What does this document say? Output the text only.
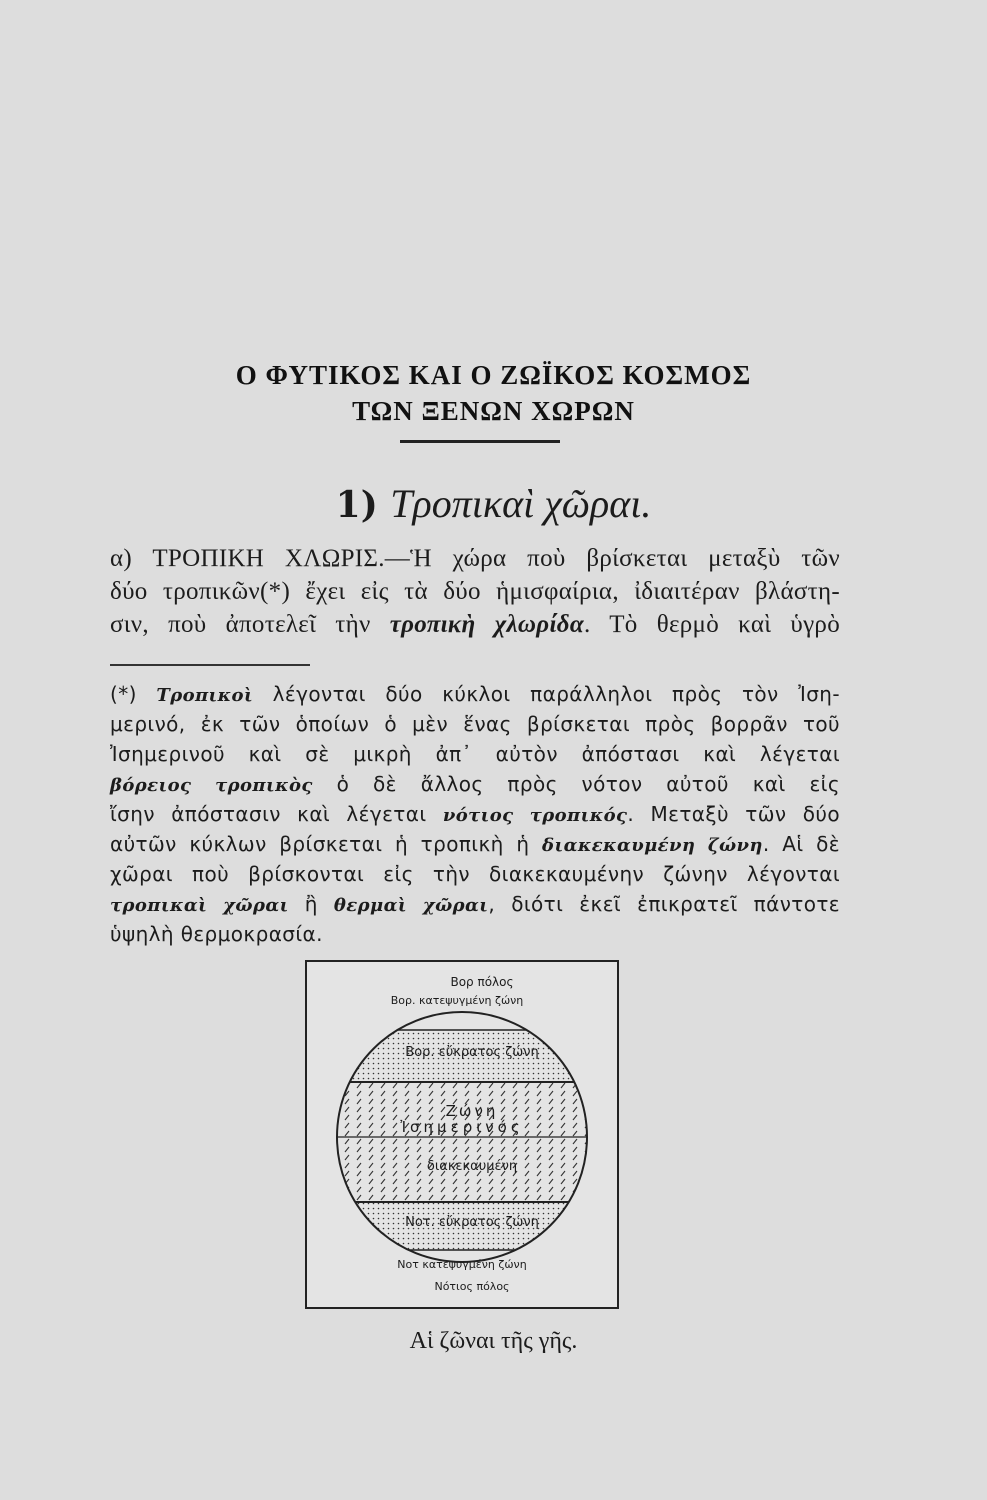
Ο ΦΥΤΙΚΟΣ ΚΑΙ Ο ΖΩΪΚΟΣ ΚΟΣΜΟΣ
ΤΩΝ ΞΕΝΩΝ ΧΩΡΩΝ
1) Τροπικαὶ χῶραι.
α) ΤΡΟΠΙΚΗ ΧΛΩΡΙΣ.—Ἡ χώρα ποὺ βρίσκεται μεταξὺ τῶν
δύο τροπικῶν(*) ἔχει εἰς τὰ δύο ἡμισφαίρια, ἰδιαιτέραν βλάστη-
σιν, ποὺ ἀποτελεῖ τὴν τροπικὴ χλωρίδα. Τὸ θερμὸ καὶ ὑγρὸ
(*) Τροπικοὶ λέγονται δύο κύκλοι παράλληλοι πρὸς τὸν Ἰση-
μερινό, ἐκ τῶν ὁποίων ὁ μὲν ἕνας βρίσκεται πρὸς βορρᾶν τοῦ
Ἰσημερινοῦ καὶ σὲ μικρὴ ἀπ᾽ αὐτὸν ἀπόστασι καὶ λέγεται
βόρειος τροπικὸς ὁ δὲ ἄλλος πρὸς νότον αὐτοῦ καὶ εἰς
ἴσην ἀπόστασιν καὶ λέγεται νότιος τροπικός. Μεταξὺ τῶν δύο
αὐτῶν κύκλων βρίσκεται ἡ τροπικὴ ἡ διακεκαυμένη ζώνη. Αἱ δὲ
χῶραι ποὺ βρίσκονται εἰς τὴν διακεκαυμένην ζώνην λέγονται
τροπικαὶ χῶραι ἢ θερμαὶ χῶραι, διότι ἐκεῖ ἐπικρατεῖ πάντοτε
ὑψηλὴ θερμοκρασία.
Βορ πόλος
Βορ. κατεψυγμένη ζώνη
Βορ. εὔκρατος ζώνη
Ζώνη
Ἰσημερινός
διακεκαυμένη
Νοτ. εὔκρατος ζώνη
Νοτ κατεψυγμένη ζώνη
Νότιος πόλος
Αἱ ζῶναι τῆς γῆς.
